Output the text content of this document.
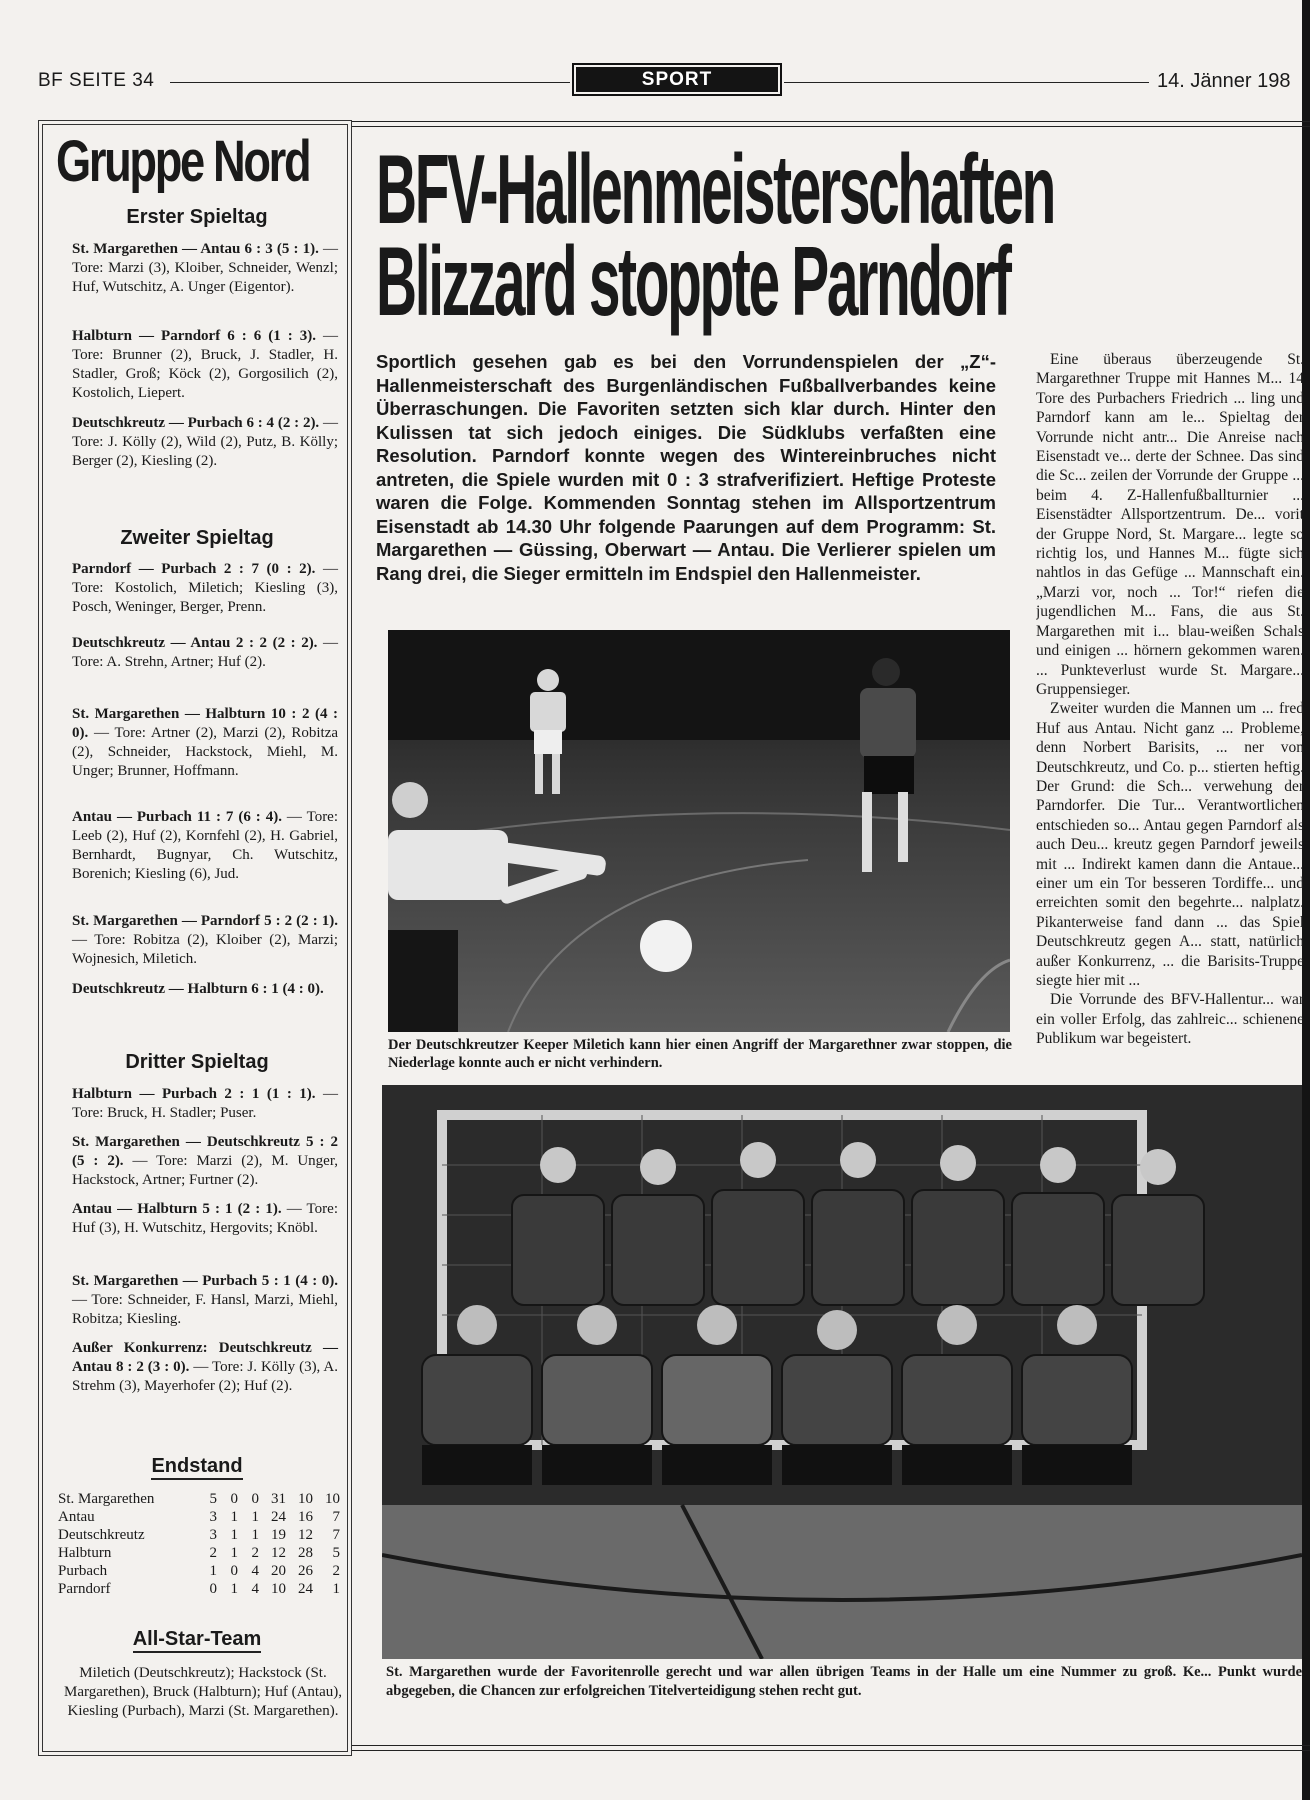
BF SEITE 34	SPORT	14. Jänner 198
Gruppe Nord
Erster Spieltag
St. Margarethen — Antau 6 : 3 (5 : 1). — Tore: Marzi (3), Kloiber, Schneider, Wenzl; Huf, Wutschitz, A. Unger (Eigentor).
Halbturn — Parndorf 6 : 6 (1 : 3). — Tore: Brunner (2), Bruck, J. Stadler, H. Stadler, Groß; Köck (2), Gorgosilich (2), Kostolich, Liepert.
Deutschkreutz — Purbach 6 : 4 (2 : 2). — Tore: J. Kölly (2), Wild (2), Putz, B. Kölly; Berger (2), Kiesling (2).
Zweiter Spieltag
Parndorf — Purbach 2 : 7 (0 : 2). — Tore: Kostolich, Miletich; Kiesling (3), Posch, Weninger, Berger, Prenn.
Deutschkreutz — Antau 2 : 2 (2 : 2). — Tore: A. Strehn, Artner; Huf (2).
St. Margarethen — Halbturn 10 : 2 (4 : 0). — Tore: Artner (2), Marzi (2), Robitza (2), Schneider, Hackstock, Miehl, M. Unger; Brunner, Hoffmann.
Antau — Purbach 11 : 7 (6 : 4). — Tore: Leeb (2), Huf (2), Kornfehl (2), H. Gabriel, Bernhardt, Bugnyar, Ch. Wutschitz, Borenich; Kiesling (6), Jud.
St. Margarethen — Parndorf 5 : 2 (2 : 1). — Tore: Robitza (2), Kloiber (2), Marzi; Wojnesich, Miletich.
Deutschkreutz — Halbturn 6 : 1 (4 : 0).
Dritter Spieltag
Halbturn — Purbach 2 : 1 (1 : 1). — Tore: Bruck, H. Stadler; Puser.
St. Margarethen — Deutschkreutz 5 : 2 (5 : 2). — Tore: Marzi (2), M. Unger, Hackstock, Artner; Furtner (2).
Antau — Halbturn 5 : 1 (2 : 1). — Tore: Huf (3), H. Wutschitz, Hergovits; Knöbl.
St. Margarethen — Purbach 5 : 1 (4 : 0). — Tore: Schneider, F. Hansl, Marzi, Miehl, Robitza; Kiesling.
Außer Konkurrenz: Deutschkreutz — Antau 8 : 2 (3 : 0). — Tore: J. Kölly (3), A. Strehm (3), Mayerhofer (2); Huf (2).
Endstand
St. Margarethen	5	0	0	31	10	10
Antau	3	1	1	24	16	7
Deutschkreutz	3	1	1	19	12	7
Halbturn	2	1	2	12	28	5
Purbach	1	0	4	20	26	2
Parndorf	0	1	4	10	24	1
All-Star-Team
Miletich (Deutschkreutz); Hackstock (St. Margarethen), Bruck (Halbturn); Huf (Antau), Kiesling (Purbach), Marzi (St. Margarethen).
BFV-Hallenmeisterschaften
Blizzard stoppte Parndorf
Sportlich gesehen gab es bei den Vorrundenspielen der „Z“-Hallenmeisterschaft des Burgenländischen Fußballverbandes keine Überraschungen. Die Favoriten setzten sich klar durch. Hinter den Kulissen tat sich jedoch einiges. Die Südklubs verfaßten eine Resolution. Parndorf konnte wegen des Wintereinbruches nicht antreten, die Spiele wurden mit 0 : 3 strafverifiziert. Heftige Proteste waren die Folge. Kommenden Sonntag stehen im Allsportzentrum Eisenstadt ab 14.30 Uhr folgende Paarungen auf dem Programm: St. Margarethen — Güssing, Oberwart — Antau. Die Verlierer spielen um Rang drei, die Sieger ermitteln im Endspiel den Hallenmeister.

Eine überaus überzeugende St. Margarethner Truppe mit Hannes M... 14 Tore des Purbachers Friedrich ... ling und Parndorf kann am le... Spieltag der Vorrunde nicht antr... Die Anreise nach Eisenstadt ve... derte der Schnee. Das sind die Sc... zeilen der Vorrunde der Gruppe ... beim 4. Z-Hallenfußballturnier ... Eisenstädter Allsportzentrum. De... vorit der Gruppe Nord, St. Margare... legte so richtig los, und Hannes M... fügte sich nahtlos in das Gefüge ... Mannschaft ein. „Marzi vor, noch ... Tor!“ riefen die jugendlichen M... Fans, die aus St. Margarethen mit i... blau-weißen Schals und einigen ... hörnern gekommen waren. ... Punkteverlust wurde St. Margare... Gruppensieger.

Zweiter wurden die Mannen um ... fred Huf aus Antau. Nicht ganz ... Probleme, denn Norbert Barisits, ... ner von Deutschkreutz, und Co. p... stierten heftig. Der Grund: die Sch... verwehung der Parndorfer. Die Tur... Verantwortlichen entschieden so... Antau gegen Parndorf als auch Deu... kreutz gegen Parndorf jeweils mit ... Indirekt kamen dann die Antaue... einer um ein Tor besseren Tordiffe... und erreichten somit den begehrte... nalplatz. Pikanterweise fand dann ... das Spiel Deutschkreutz gegen A... statt, natürlich außer Konkurrenz, ... die Barisits-Truppe siegte hier mit ...

Die Vorrunde des BFV-Hallentur... war ein voller Erfolg, das zahlreic... schienene Publikum war begeistert.

Der Deutschkreutzer Keeper Miletich kann hier einen Angriff der Margarethner zwar stoppen, die Niederlage konnte auch er nicht verhindern.
St. Margarethen wurde der Favoritenrolle gerecht und war allen übrigen Teams in der Halle um eine Nummer zu groß. Ke... Punkt wurde abgegeben, die Chancen zur erfolgreichen Titelverteidigung stehen recht gut.
